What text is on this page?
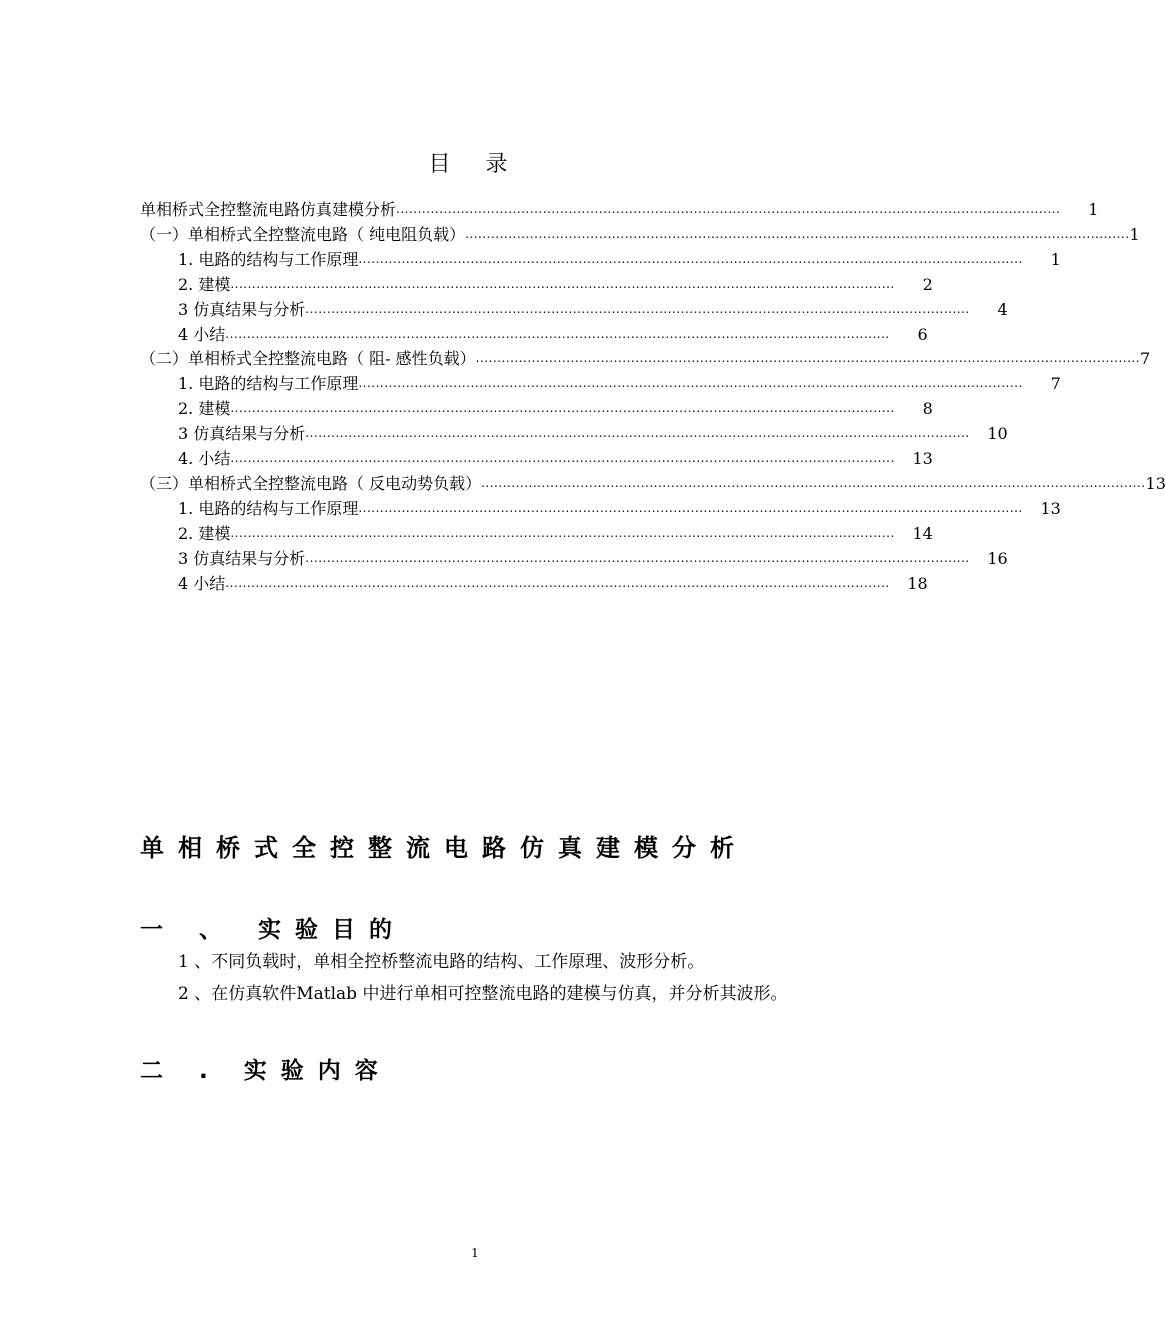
目 录
单相桥式全控整流电路仿真建模分析 ..........................................................................................................................................................	1
（一）单相桥式全控整流电路（ 纯电阻负载） .......................................................................................................................................................... 1
1. 电路的结构与工作原理 ..........................................................................................................................................................	1
2. 建模 ..........................................................................................................................................................	2
3 仿真结果与分析 ..........................................................................................................................................................	4
4 小结 ..........................................................................................................................................................	6
（二）单相桥式全控整流电路（ 阻- 感性负载） .......................................................................................................................................................... 7
1. 电路的结构与工作原理 ..........................................................................................................................................................	7
2. 建模 ..........................................................................................................................................................	8
3 仿真结果与分析 ..........................................................................................................................................................	10
4. 小结 ..........................................................................................................................................................	13
（三）单相桥式全控整流电路（ 反电动势负载） .......................................................................................................................................................... 13
1. 电路的结构与工作原理 ..........................................................................................................................................................	13
2. 建模 ..........................................................................................................................................................	14
3 仿真结果与分析 ..........................................................................................................................................................	16
4 小结 ..........................................................................................................................................................	18
单相桥式全控整流电路仿真建模分析
一 、 实验目的
1 、不同负载时，单相全控桥整流电路的结构、工作原理、波形分析。
2 、在仿真软件Matlab 中进行单相可控整流电路的建模与仿真，并分析其波形。
二 . 实验内容
1
